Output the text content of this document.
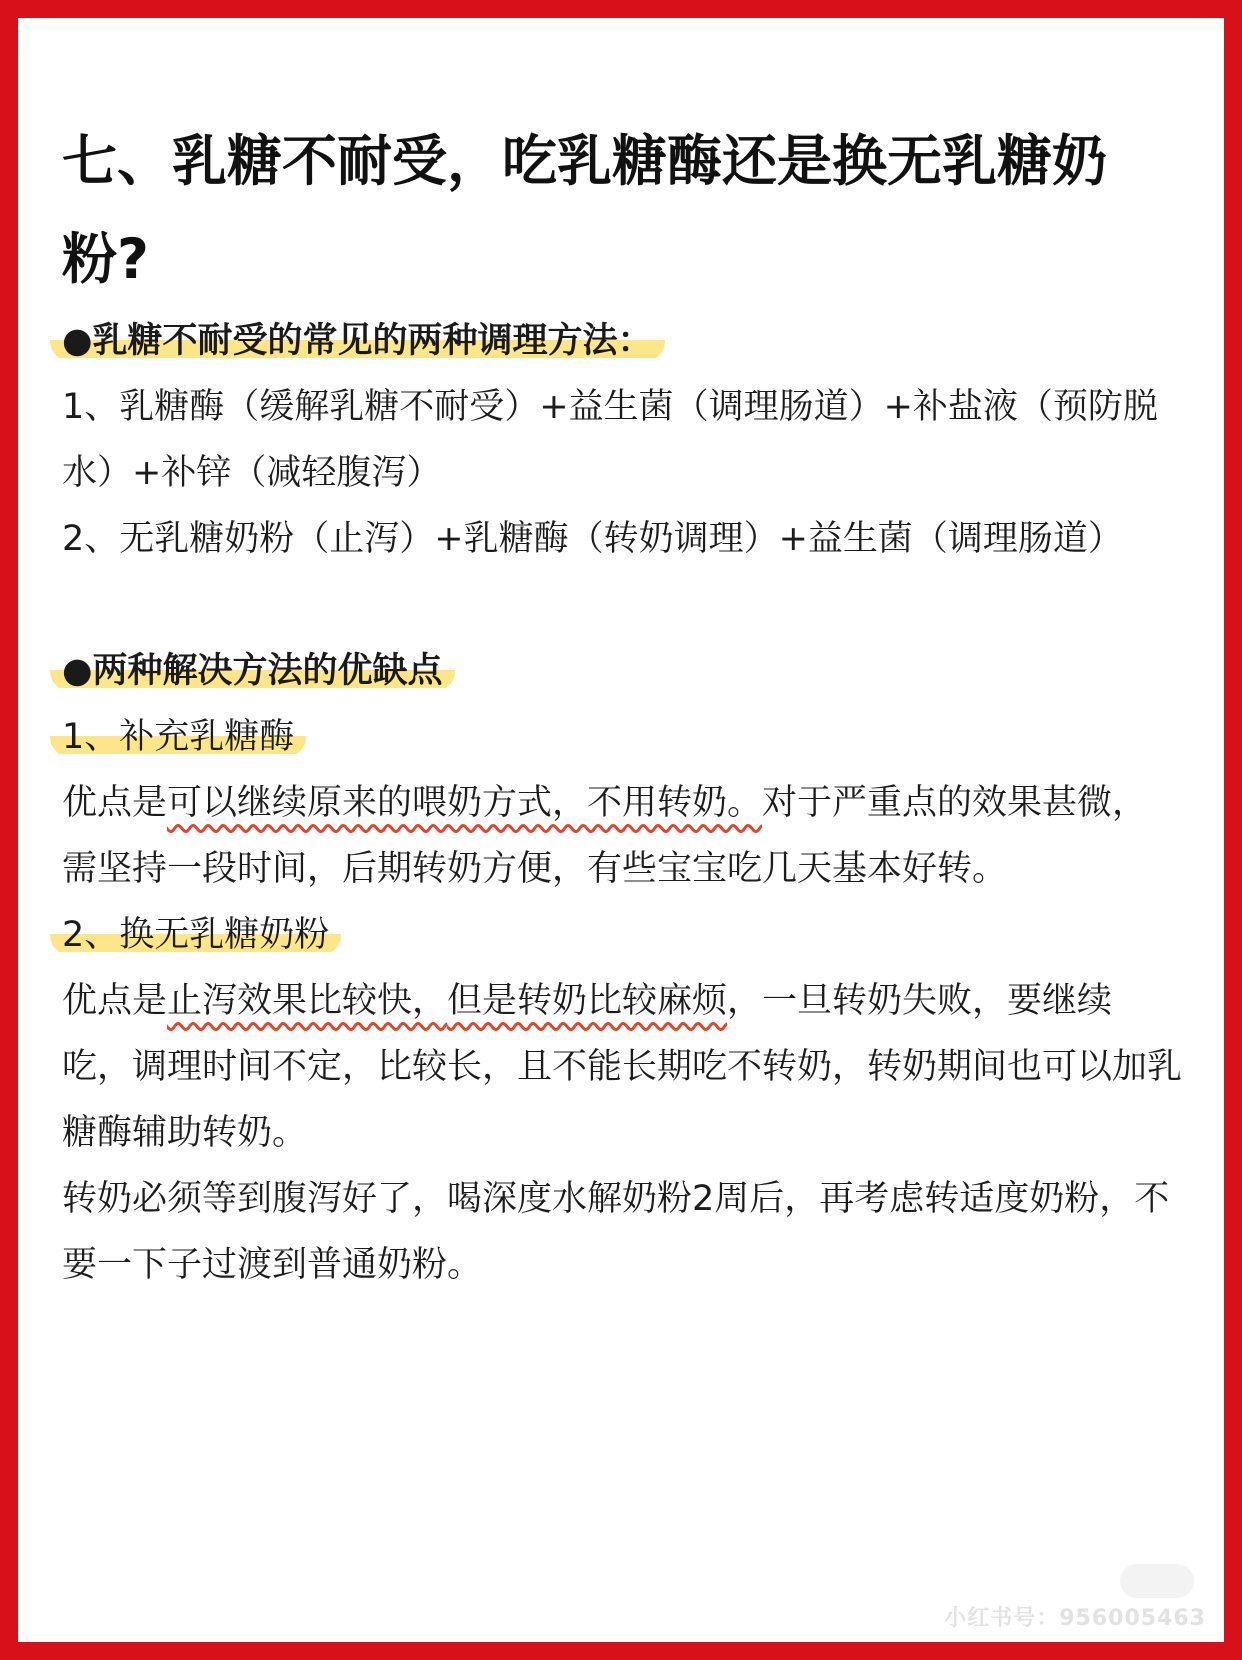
七、乳糖不耐受，吃乳糖酶还是换无乳糖奶粉?

●乳糖不耐受的常见的两种调理方法：

1、乳糖酶（缓解乳糖不耐受）+益生菌（调理肠道）+补盐液（预防脱水）+补锌（减轻腹泻）

2、无乳糖奶粉（止泻）+乳糖酶（转奶调理）+益生菌（调理肠道）

●两种解决方法的优缺点

1、补充乳糖酶

优点是可以继续原来的喂奶方式，不用转奶。对于严重点的效果甚微，需坚持一段时间，后期转奶方便，有些宝宝吃几天基本好转。

2、换无乳糖奶粉

优点是止泻效果比较快，但是转奶比较麻烦，一旦转奶失败，要继续吃，调理时间不定，比较长，且不能长期吃不转奶，转奶期间也可以加乳糖酶辅助转奶。

转奶必须等到腹泻好了，喝深度水解奶粉2周后，再考虑转适度奶粉，不要一下子过渡到普通奶粉。

小红书号：956005463
